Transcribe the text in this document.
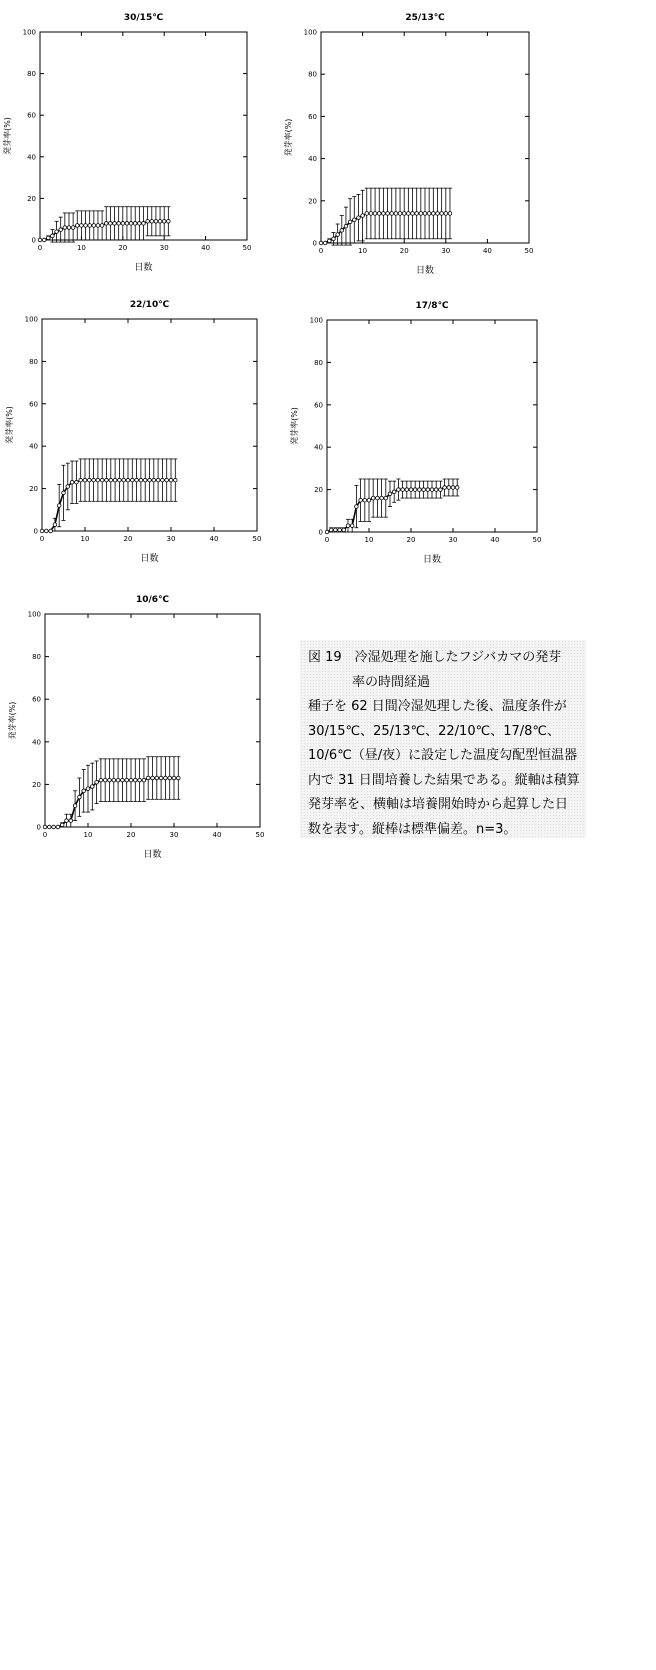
30/15℃
0	10	20	30	40	50
0
20
40
60
80
100
日数
発芽率(%)
25/13℃
0	10	20	30	40	50
0
20
40
60
80
100
日数
発芽率(%)
22/10℃
0	10	20	30	40	50
0
20
40
60
80
100
日数
発芽率(%)
17/8℃
0	10	20	30	40	50
0
20
40
60
80
100
日数
発芽率(%)
10/6℃
0	10	20	30	40	50
0
20
40
60
80
100
日数
発芽率(%)

図 19　冷湿処理を施したフジバカマの発芽
率の時間経過

種子を 62 日間冷湿処理した後、温度条件が 30/15℃、25/13℃、22/10℃、17/8℃、10/6℃（昼/夜）に設定した温度勾配型恒温器内で 31 日間培養した結果である。縦軸は積算発芽率を、横軸は培養開始時から起算した日数を表す。縦棒は標準偏差。n=3。
